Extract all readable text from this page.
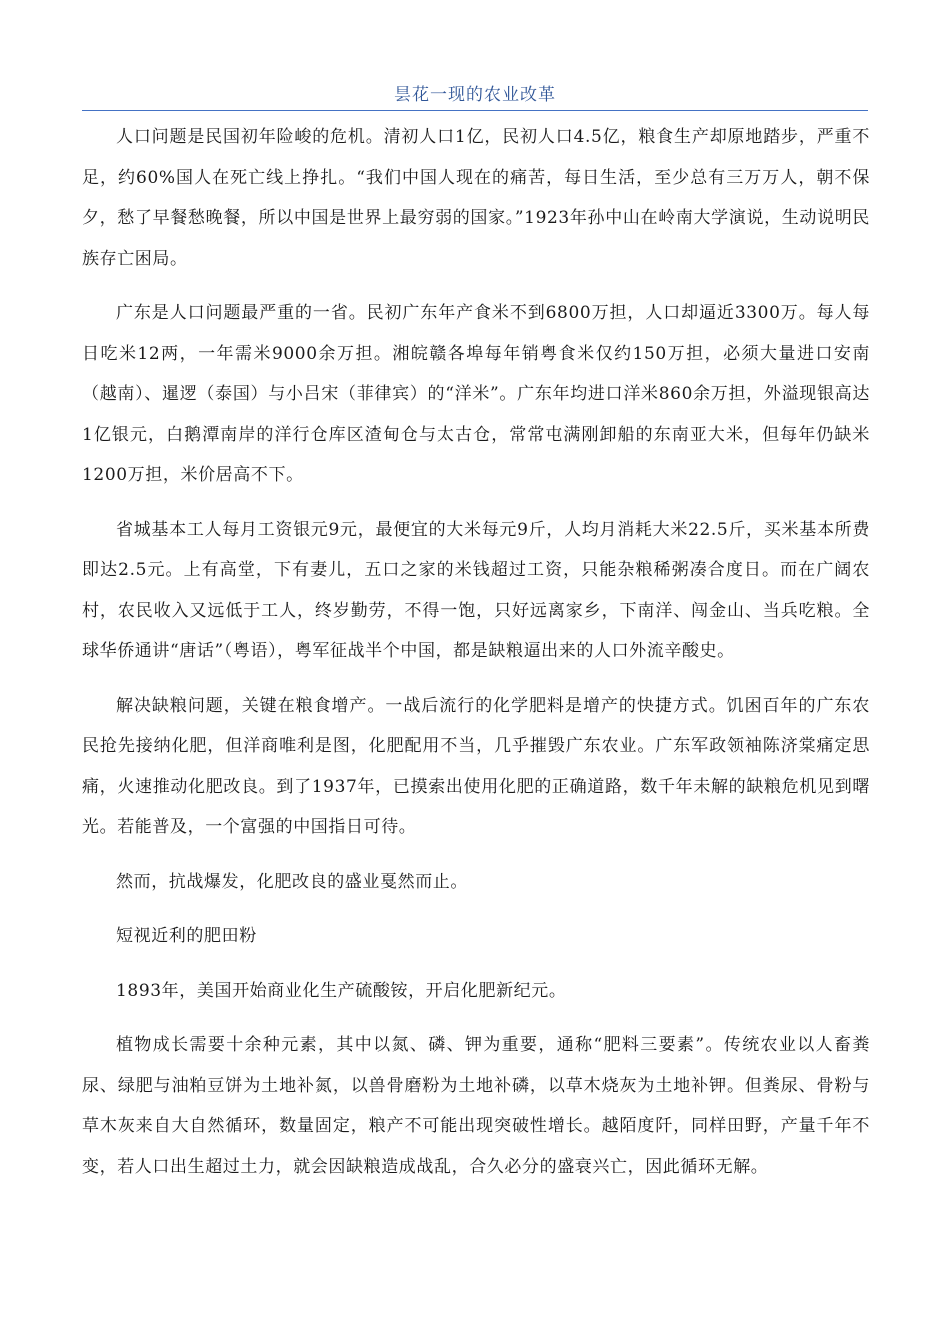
昙花一现的农业改革

人口问题是民国初年险峻的危机。清初人口1亿，民初人口4.5亿，粮食生产却原地踏步，严重不足，约60%国人在死亡线上挣扎。“我们中国人现在的痛苦，每日生活，至少总有三万万人，朝不保夕，愁了早餐愁晚餐，所以中国是世界上最穷弱的国家。”1923年孙中山在岭南大学演说，生动说明民族存亡困局。

广东是人口问题最严重的一省。民初广东年产食米不到6800万担，人口却逼近3300万。每人每日吃米12两，一年需米9000余万担。湘皖赣各埠每年销粤食米仅约150万担，必须大量进口安南（越南）、暹逻（泰国）与小吕宋（菲律宾）的“洋米”。广东年均进口洋米860余万担，外溢现银高达1亿银元，白鹅潭南岸的洋行仓库区渣甸仓与太古仓，常常屯满刚卸船的东南亚大米，但每年仍缺米1200万担，米价居高不下。

省城基本工人每月工资银元9元，最便宜的大米每元9斤，人均月消耗大米22.5斤，买米基本所费即达2.5元。上有高堂，下有妻儿，五口之家的米钱超过工资，只能杂粮稀粥凑合度日。而在广阔农村，农民收入又远低于工人，终岁勤劳，不得一饱，只好远离家乡，下南洋、闯金山、当兵吃粮。全球华侨通讲“唐话”（粤语），粤军征战半个中国，都是缺粮逼出来的人口外流辛酸史。

解决缺粮问题，关键在粮食增产。一战后流行的化学肥料是增产的快捷方式。饥困百年的广东农民抢先接纳化肥，但洋商唯利是图，化肥配用不当，几乎摧毁广东农业。广东军政领袖陈济棠痛定思痛，火速推动化肥改良。到了1937年，已摸索出使用化肥的正确道路，数千年未解的缺粮危机见到曙光。若能普及，一个富强的中国指日可待。

然而，抗战爆发，化肥改良的盛业戛然而止。

短视近利的肥田粉

1893年，美国开始商业化生产硫酸铵，开启化肥新纪元。

植物成长需要十余种元素，其中以氮、磷、钾为重要，通称“肥料三要素”。传统农业以人畜粪尿、绿肥与油粕豆饼为土地补氮，以兽骨磨粉为土地补磷，以草木烧灰为土地补钾。但粪尿、骨粉与草木灰来自大自然循环，数量固定，粮产不可能出现突破性增长。越陌度阡，同样田野，产量千年不变，若人口出生超过土力，就会因缺粮造成战乱，合久必分的盛衰兴亡，因此循环无解。
